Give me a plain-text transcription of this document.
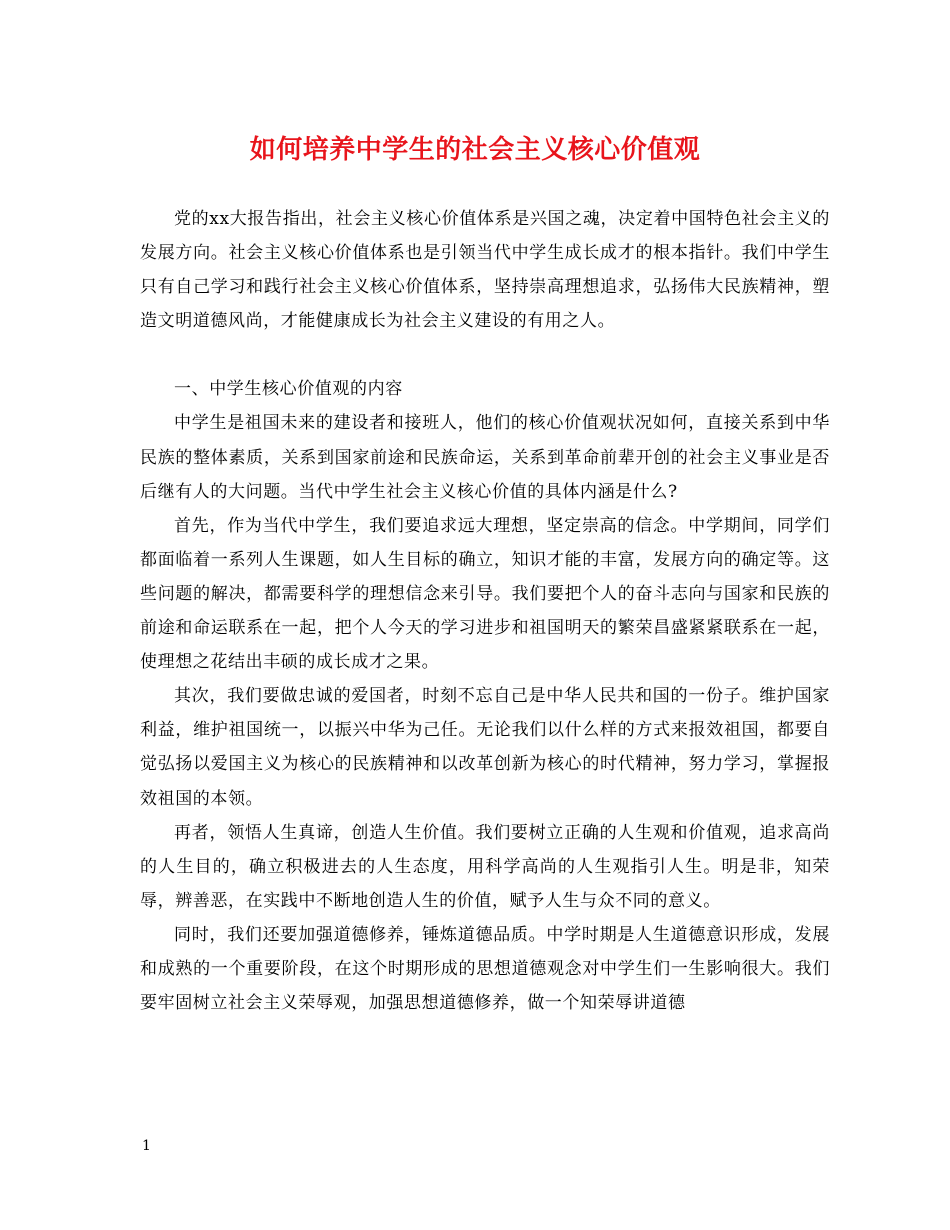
如何培养中学生的社会主义核心价值观

党的xx大报告指出，社会主义核心价值体系是兴国之魂，决定着中国特色社会主义的发展方向。社会主义核心价值体系也是引领当代中学生成长成才的根本指针。我们中学生只有自己学习和践行社会主义核心价值体系，坚持崇高理想追求，弘扬伟大民族精神，塑造文明道德风尚，才能健康成长为社会主义建设的有用之人。

一、中学生核心价值观的内容

中学生是祖国未来的建设者和接班人，他们的核心价值观状况如何，直接关系到中华民族的整体素质，关系到国家前途和民族命运，关系到革命前辈开创的社会主义事业是否后继有人的大问题。当代中学生社会主义核心价值的具体内涵是什么?

首先，作为当代中学生，我们要追求远大理想，坚定崇高的信念。中学期间，同学们都面临着一系列人生课题，如人生目标的确立，知识才能的丰富，发展方向的确定等。这些问题的解决，都需要科学的理想信念来引导。我们要把个人的奋斗志向与国家和民族的前途和命运联系在一起，把个人今天的学习进步和祖国明天的繁荣昌盛紧紧联系在一起，使理想之花结出丰硕的成长成才之果。

其次，我们要做忠诚的爱国者，时刻不忘自己是中华人民共和国的一份子。维护国家利益，维护祖国统一，以振兴中华为己任。无论我们以什么样的方式来报效祖国，都要自觉弘扬以爱国主义为核心的民族精神和以改革创新为核心的时代精神，努力学习，掌握报效祖国的本领。

再者，领悟人生真谛，创造人生价值。我们要树立正确的人生观和价值观，追求高尚的人生目的，确立积极进去的人生态度，用科学高尚的人生观指引人生。明是非，知荣辱，辨善恶，在实践中不断地创造人生的价值，赋予人生与众不同的意义。

同时，我们还要加强道德修养，锤炼道德品质。中学时期是人生道德意识形成，发展和成熟的一个重要阶段，在这个时期形成的思想道德观念对中学生们一生影响很大。我们要牢固树立社会主义荣辱观，加强思想道德修养，做一个知荣辱讲道德

1
